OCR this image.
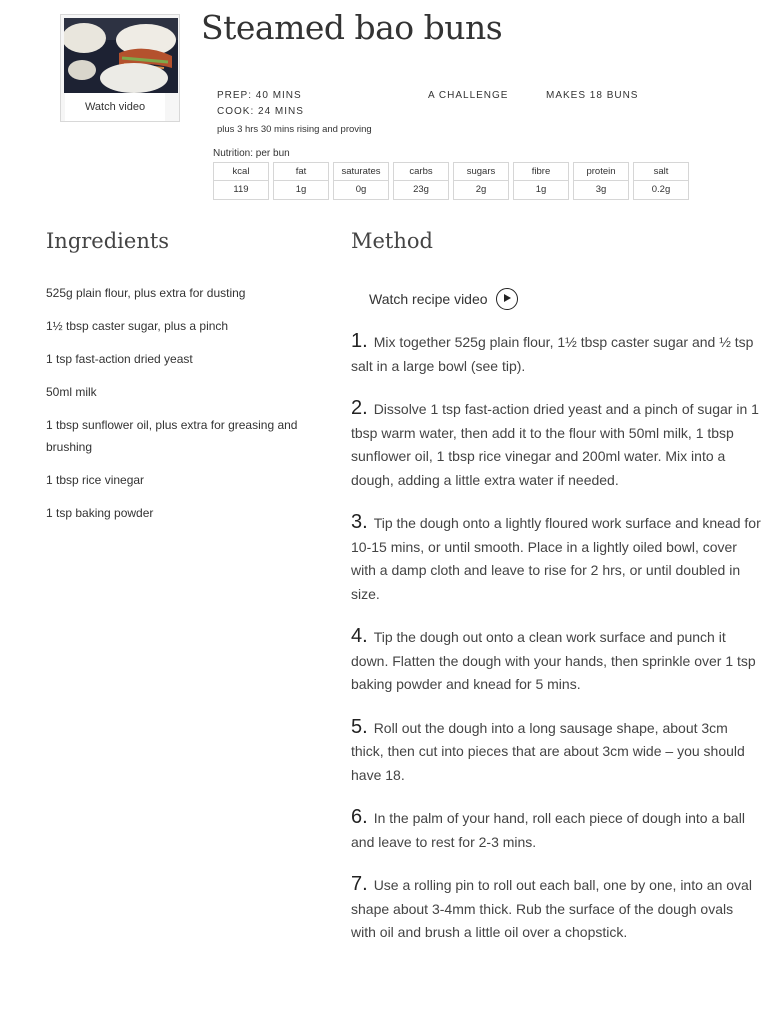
Watch video
Steamed bao buns
PREP: 40 MINS
COOK: 24 MINS
plus 3 hrs 30 mins rising and proving
A CHALLENGE	MAKES 18 BUNS
Nutrition: per bun
kcal
119
fat
1g
saturates
0g
carbs
23g
sugars
2g
fibre
1g
protein
3g
salt
0.2g
Ingredients
525g plain flour, plus extra for dusting
1½ tbsp caster sugar, plus a pinch
1 tsp fast-action dried yeast
50ml milk
1 tbsp sunflower oil, plus extra for greasing and brushing
1 tbsp rice vinegar
1 tsp baking powder
Method
Watch recipe video
1. Mix together 525g plain flour, 1½ tbsp caster sugar and ½ tsp salt in a large bowl (see tip).
2. Dissolve 1 tsp fast-action dried yeast and a pinch of sugar in 1 tbsp warm water, then add it to the flour with 50ml milk, 1 tbsp sunflower oil, 1 tbsp rice vinegar and 200ml water. Mix into a dough, adding a little extra water if needed.
3. Tip the dough onto a lightly floured work surface and knead for 10-15 mins, or until smooth. Place in a lightly oiled bowl, cover with a damp cloth and leave to rise for 2 hrs, or until doubled in size.
4. Tip the dough out onto a clean work surface and punch it down. Flatten the dough with your hands, then sprinkle over 1 tsp baking powder and knead for 5 mins.
5. Roll out the dough into a long sausage shape, about 3cm thick, then cut into pieces that are about 3cm wide – you should have 18.
6. In the palm of your hand, roll each piece of dough into a ball and leave to rest for 2-3 mins.
7. Use a rolling pin to roll out each ball, one by one, into an oval shape about 3-4mm thick. Rub the surface of the dough ovals with oil and brush a little oil over a chopstick.
